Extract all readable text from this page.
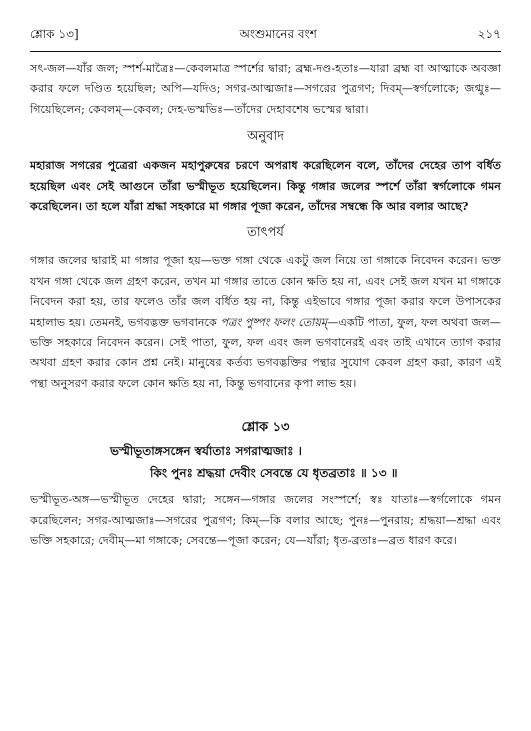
শ্লোক ১৩]	অংশুমানের বংশ	২১৭

সৎ-জল—যাঁর জল; স্পর্শ-মাত্রৈঃ—কেবলমাত্র স্পর্শের দ্বারা; ব্রহ্ম-দণ্ড-হতাঃ—যারা ব্রহ্ম বা আত্মাকে অবজ্ঞা করার ফলে দণ্ডিত হয়েছিল; অপি—যদিও; সগর-আত্মজাঃ—সগরের পুত্রগণ; দিবম্—স্বর্গলোকে; জগ্মুঃ—গিয়েছিলেন; কেবলম্—কেবল; দেহ-ভস্মভিঃ—তাঁদের দেহাবশেষ ভস্মের দ্বারা।

অনুবাদ

মহারাজ সগরের পুত্রেরা একজন মহাপুরুষের চরণে অপরাধ করেছিলেন বলে, তাঁদের দেহের তাপ বর্ধিত হয়েছিল এবং সেই আগুনে তাঁরা ভস্মীভূত হয়েছিলেন। কিন্তু গঙ্গার জলের স্পর্শে তাঁরা স্বর্গলোকে গমন করেছিলেন। তা হলে যাঁরা শ্রদ্ধা সহকারে মা গঙ্গার পূজা করেন, তাঁদের সম্বন্ধে কি আর বলার আছে?

তাৎপর্য

গঙ্গার জলের দ্বারাই মা গঙ্গার পূজা হয়—ভক্ত গঙ্গা থেকে একটু জল নিয়ে তা গঙ্গাকে নিবেদন করেন। ভক্ত যখন গঙ্গা থেকে জল গ্রহণ করেন, তখন মা গঙ্গার তাতে কোন ক্ষতি হয় না, এবং সেই জল যখন মা গঙ্গাকে নিবেদন করা হয়, তার ফলেও তাঁর জল বর্ধিত হয় না, কিন্তু এইভাবে গঙ্গার পূজা করার ফলে উপাসকের মহালাভ হয়। তেমনই, ভগবদ্ভক্ত ভগবানকে পত্রং পুষ্পং ফলং তোয়ম্—একটি পাতা, ফুল, ফল অথবা জল—ভক্তি সহকারে নিবেদন করেন। সেই পাতা, ফুল, ফল এবং জল ভগবানেরই এবং তাই এখানে ত্যাগ করার অথবা গ্রহণ করার কোন প্রশ্ন নেই। মানুষের কর্তব্য ভগবদ্ভক্তির পন্থার সুযোগ কেবল গ্রহণ করা, কারণ এই পন্থা অনুসরণ করার ফলে কোন ক্ষতি হয় না, কিন্তু ভগবানের কৃপা লাভ হয়।

শ্লোক ১৩
ভস্মীভূতাঙ্গসঙ্গেন স্বর্যাতাঃ সগরাত্মজাঃ ।
কিং পুনঃ শ্রদ্ধয়া দেবীং সেবন্তে যে ধৃতব্রতাঃ ॥ ১৩ ॥

ভস্মীভূত-অঙ্গ—ভস্মীভূত দেহের দ্বারা; সঙ্গেন—গঙ্গার জলের সংস্পর্শে; স্বঃ যাতাঃ—স্বর্গলোকে গমন করেছিলেন; সগর-আত্মজাঃ—সগরের পুত্রগণ; কিম্—কি বলার আছে; পুনঃ—পুনরায়; শ্রদ্ধয়া—শ্রদ্ধা এবং ভক্তি সহকারে; দেবীম্—মা গঙ্গাকে; সেবন্তে—পূজা করেন; যে—যাঁরা; ধৃত-ব্রতাঃ—ব্রত ধারণ করে।
